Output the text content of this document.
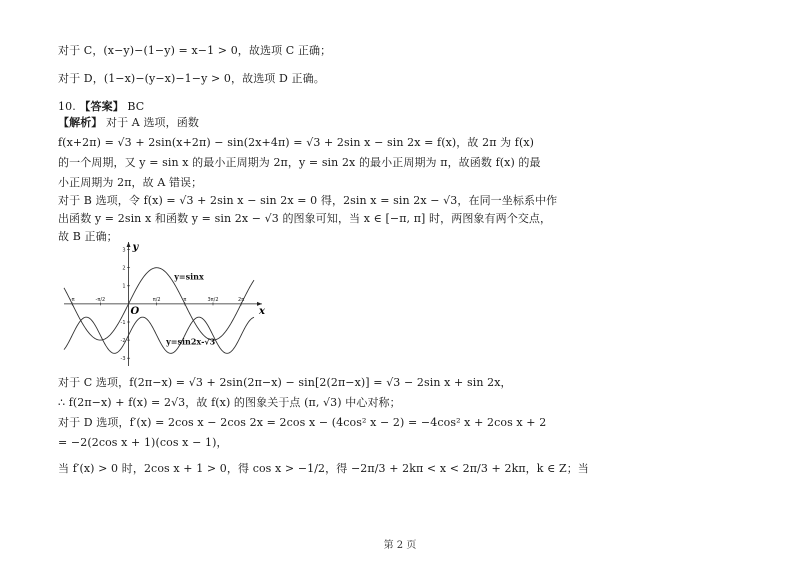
对于 C，(x−y)−(1−y) = x−1 > 0，故选项 C 正确；
对于 D，(1−x)−(y−x)−1−y > 0，故选项 D 正确。
10. 【答案】 BC
【解析】 对于 A 选项，函数
f(x+2π) = √3 + 2sin(x+2π) − sin(2x+4π) = √3 + 2sin x − sin 2x = f(x)，故 2π 为 f(x)
的一个周期，又 y = sin x 的最小正周期为 2π，y = sin 2x 的最小正周期为 π，故函数 f(x) 的最
小正周期为 2π，故 A 错误；
对于 B 选项，令 f(x) = √3 + 2sin x − sin 2x = 0 得，2sin x = sin 2x − √3，在同一坐标系中作
出函数 y = 2sin x 和函数 y = sin 2x − √3 的图象可知，当 x ∈ [−π, π] 时，两图象有两个交点，
故 B 正确；
-π	-π/2	π/2	π	3π/2	2π
3
2
1
-1
-2
-3
y=sinx
y=sin2x-√3
x
y
O
对于 C 选项，f(2π−x) = √3 + 2sin(2π−x) − sin[2(2π−x)] = √3 − 2sin x + sin 2x，
∴ f(2π−x) + f(x) = 2√3，故 f(x) 的图象关于点 (π, √3) 中心对称；
对于 D 选项，f′(x) = 2cos x − 2cos 2x = 2cos x − (4cos² x − 2) = −4cos² x + 2cos x + 2
= −2(2cos x + 1)(cos x − 1)，
当 f′(x) > 0 时，2cos x + 1 > 0，得 cos x > −1/2，得 −2π/3 + 2kπ < x < 2π/3 + 2kπ，k ∈ Z；当
第 2 页
